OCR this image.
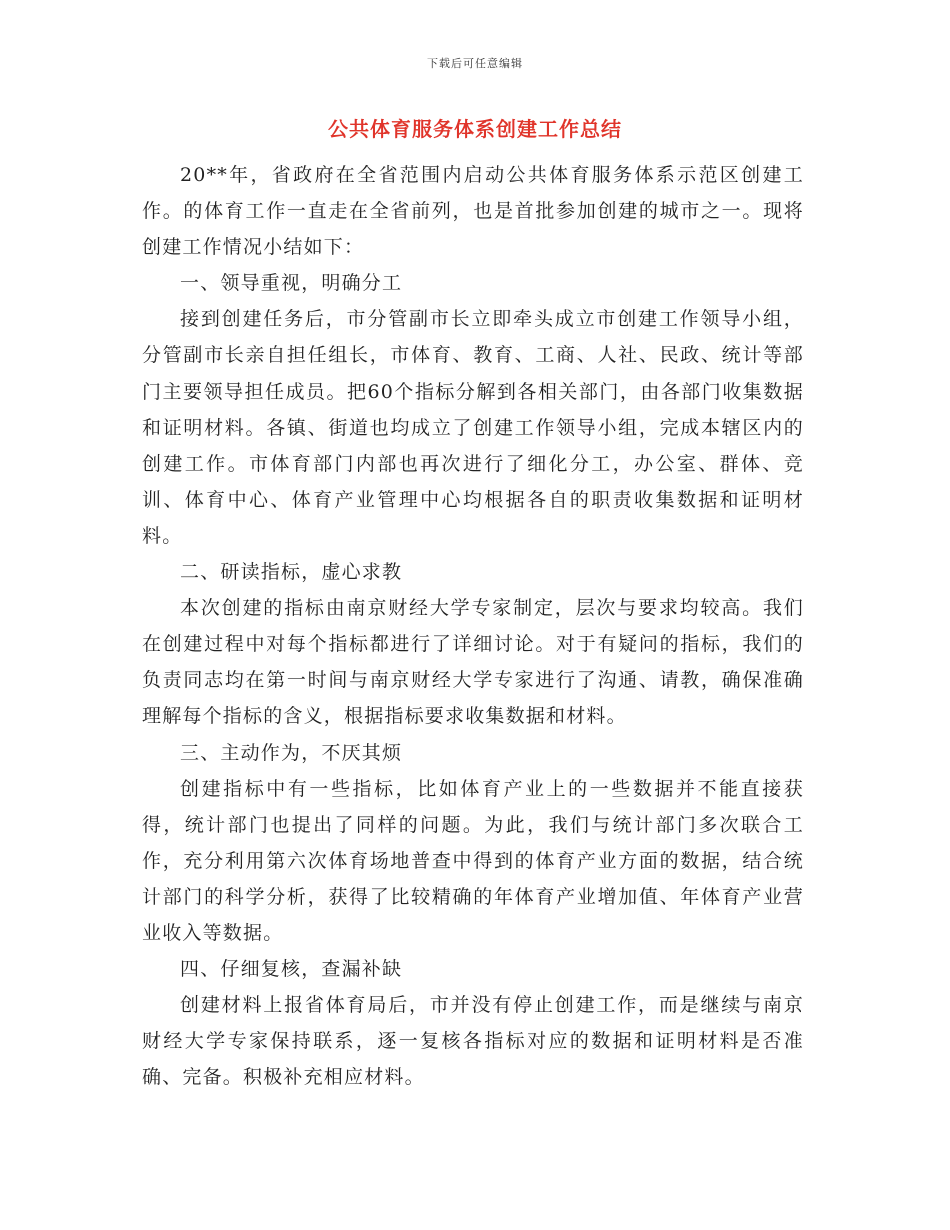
下载后可任意编辑
公共体育服务体系创建工作总结

20**年，省政府在全省范围内启动公共体育服务体系示范区创建工作。的体育工作一直走在全省前列，也是首批参加创建的城市之一。现将创建工作情况小结如下：

一、领导重视，明确分工

接到创建任务后，市分管副市长立即牵头成立市创建工作领导小组，分管副市长亲自担任组长，市体育、教育、工商、人社、民政、统计等部门主要领导担任成员。把60个指标分解到各相关部门，由各部门收集数据和证明材料。各镇、街道也均成立了创建工作领导小组，完成本辖区内的创建工作。市体育部门内部也再次进行了细化分工，办公室、群体、竞训、体育中心、体育产业管理中心均根据各自的职责收集数据和证明材料。

二、研读指标，虚心求教

本次创建的指标由南京财经大学专家制定，层次与要求均较高。我们在创建过程中对每个指标都进行了详细讨论。对于有疑问的指标，我们的负责同志均在第一时间与南京财经大学专家进行了沟通、请教，确保准确理解每个指标的含义，根据指标要求收集数据和材料。

三、主动作为，不厌其烦

创建指标中有一些指标，比如体育产业上的一些数据并不能直接获得，统计部门也提出了同样的问题。为此，我们与统计部门多次联合工作，充分利用第六次体育场地普查中得到的体育产业方面的数据，结合统计部门的科学分析，获得了比较精确的年体育产业增加值、年体育产业营业收入等数据。

四、仔细复核，查漏补缺

创建材料上报省体育局后，市并没有停止创建工作，而是继续与南京财经大学专家保持联系，逐一复核各指标对应的数据和证明材料是否准确、完备。积极补充相应材料。
